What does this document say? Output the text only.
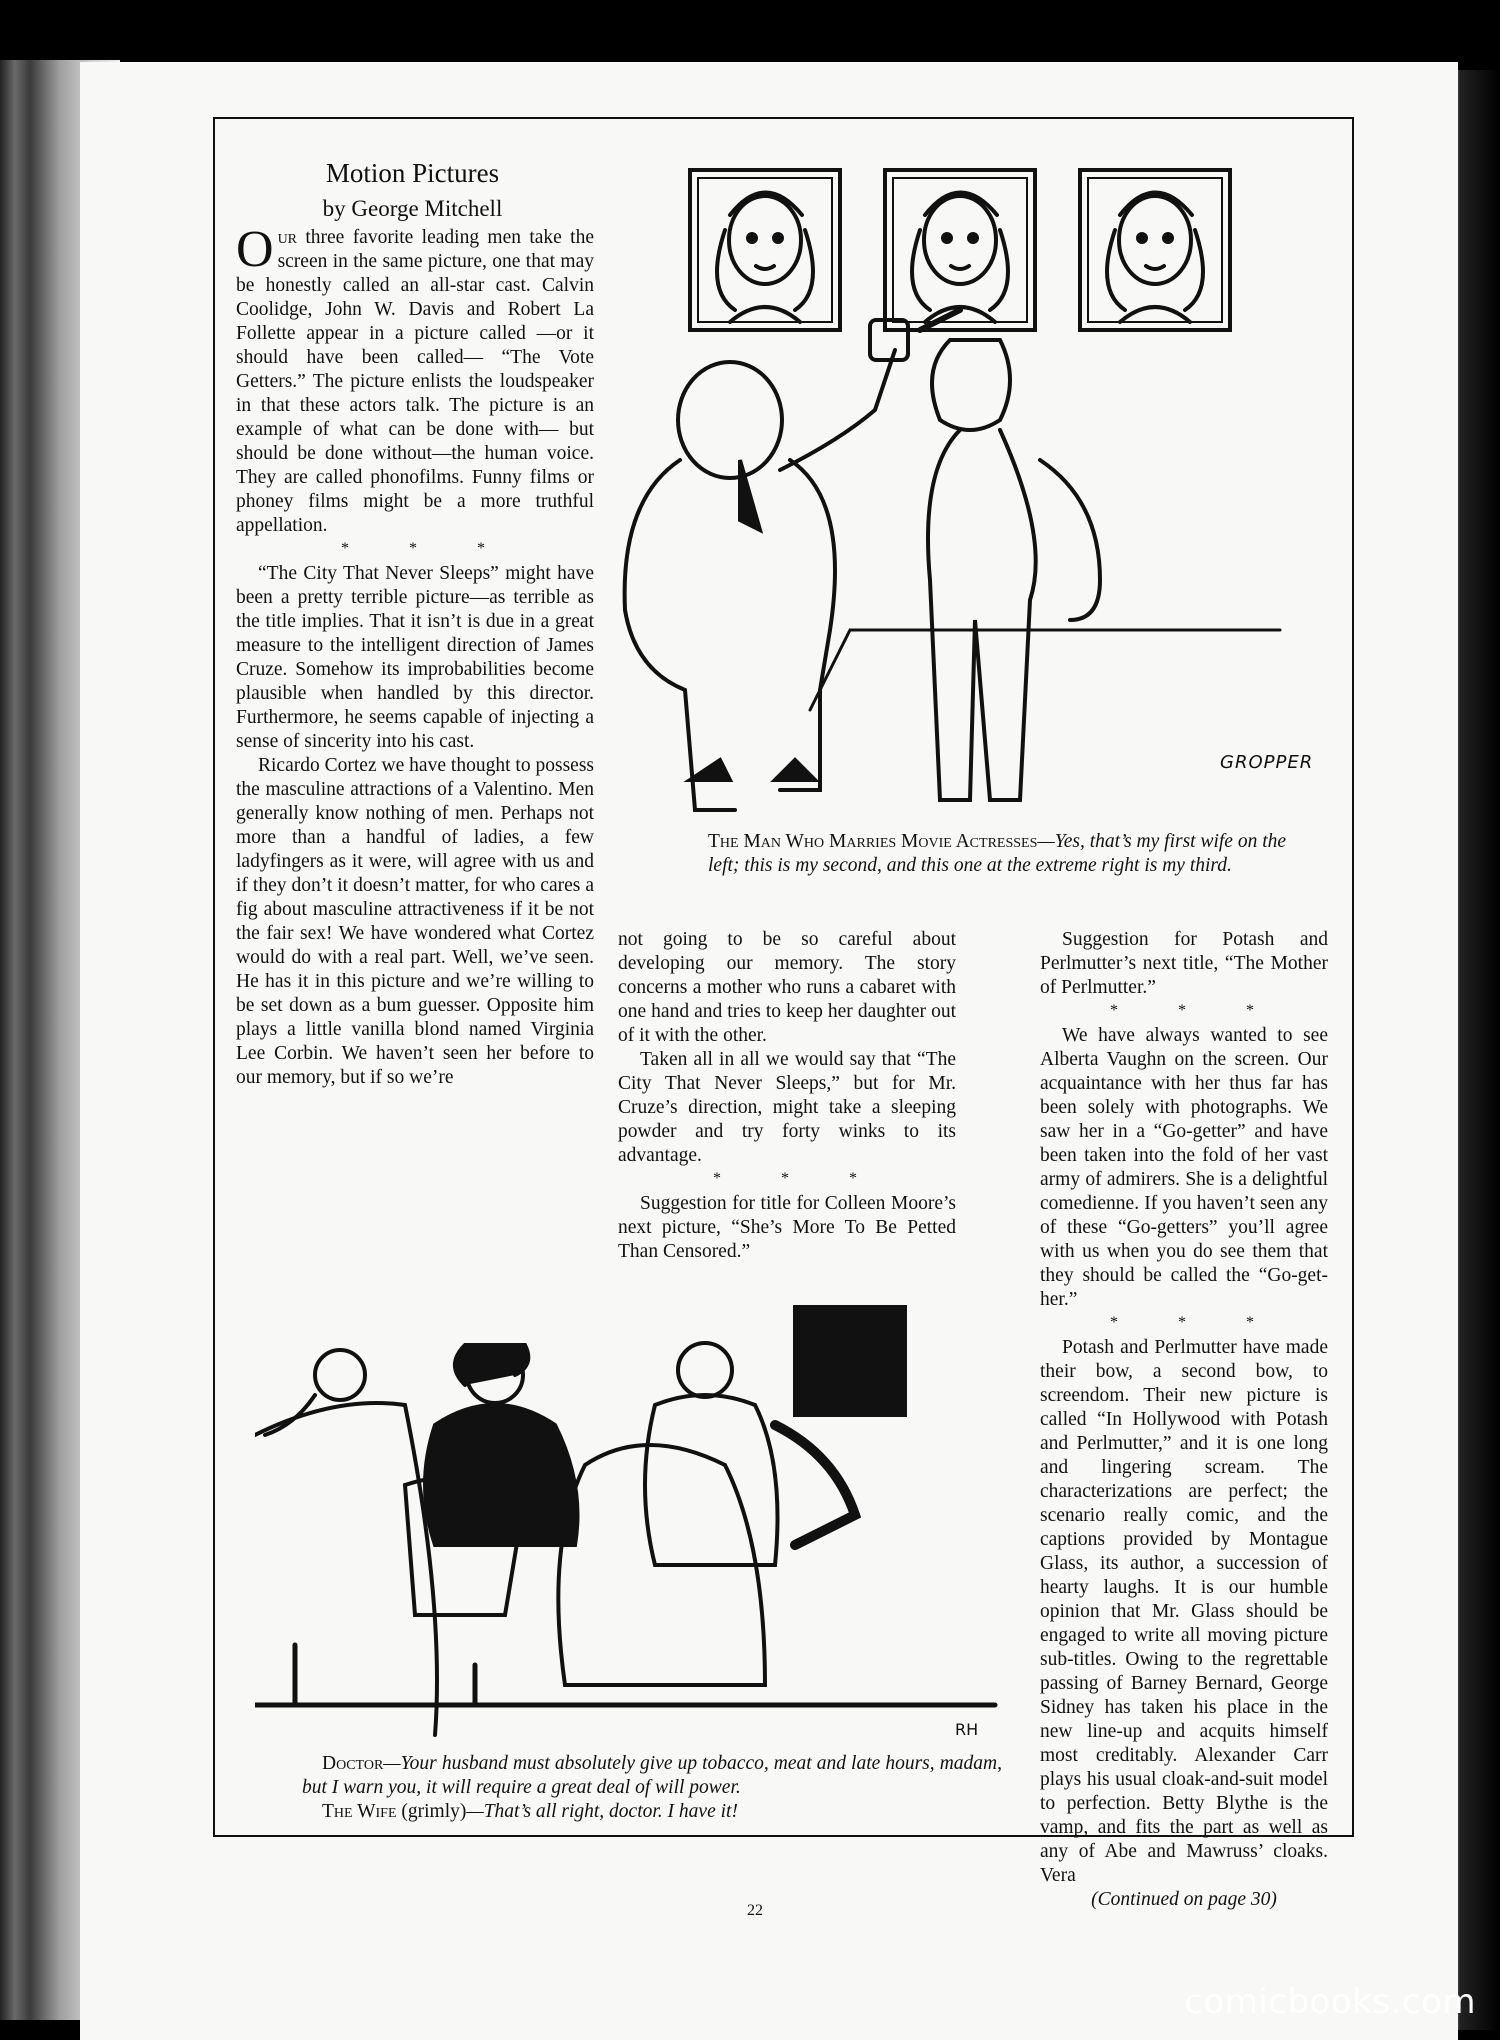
Motion Pictures
by George Mitchell

Our three favorite leading men take the screen in the same picture, one that may be honestly called an all-star cast. Calvin Coolidge, John W. Davis and Robert La Follette appear in a picture called —or it should have been called— “The Vote Getters.” The picture enlists the loudspeaker in that these actors talk. The picture is an example of what can be done with— but should be done without—the human voice. They are called phonofilms. Funny films or phoney films might be a more truthful appellation.

* * *

“The City That Never Sleeps” might have been a pretty terrible picture—as terrible as the title implies. That it isn’t is due in a great measure to the intelligent direction of James Cruze. Somehow its improbabilities become plausible when handled by this director. Furthermore, he seems capable of injecting a sense of sincerity into his cast.

Ricardo Cortez we have thought to possess the masculine attractions of a Valentino. Men generally know nothing of men. Perhaps not more than a handful of ladies, a few ladyfingers as it were, will agree with us and if they don’t it doesn’t matter, for who cares a fig about masculine attractiveness if it be not the fair sex! We have wondered what Cortez would do with a real part. Well, we’ve seen. He has it in this picture and we’re willing to be set down as a bum guesser. Opposite him plays a little vanilla blond named Virginia Lee Corbin. We haven’t seen her before to our memory, but if so we’re

not going to be so careful about developing our memory. The story concerns a mother who runs a cabaret with one hand and tries to keep her daughter out of it with the other.

Taken all in all we would say that “The City That Never Sleeps,” but for Mr. Cruze’s direction, might take a sleeping powder and try forty winks to its advantage.

* * *

Suggestion for title for Colleen Moore’s next picture, “She’s More To Be Petted Than Censored.”

Suggestion for Potash and Perlmutter’s next title, “The Mother of Perlmutter.”

* * *

We have always wanted to see Alberta Vaughn on the screen. Our acquaintance with her thus far has been solely with photographs. We saw her in a “Go-getter” and have been taken into the fold of her vast army of admirers. She is a delightful comedienne. If you haven’t seen any of these “Go-getters” you’ll agree with us when you do see them that they should be called the “Go-get-her.”

* * *

Potash and Perlmutter have made their bow, a second bow, to screendom. Their new picture is called “In Hollywood with Potash and Perlmutter,” and it is one long and lingering scream. The characterizations are perfect; the scenario really comic, and the captions provided by Montague Glass, its author, a succession of hearty laughs. It is our humble opinion that Mr. Glass should be engaged to write all moving picture sub-titles. Owing to the regrettable passing of Barney Bernard, George Sidney has taken his place in the new line-up and acquits himself most creditably. Alexander Carr plays his usual cloak-and-suit model to perfection. Betty Blythe is the vamp, and fits the part as well as any of Abe and Mawruss’ cloaks. Vera

(Continued on page 30)
GROPPER
The Man Who Marries Movie Actresses—Yes, that’s my first wife on the left; this is my second, and this one at the extreme right is my third.
RH
Doctor—Your husband must absolutely give up tobacco, meat and late hours, madam, but I warn you, it will require a great deal of will power.
The Wife (grimly)—That’s all right, doctor. I have it!
22
comicbooks.com
